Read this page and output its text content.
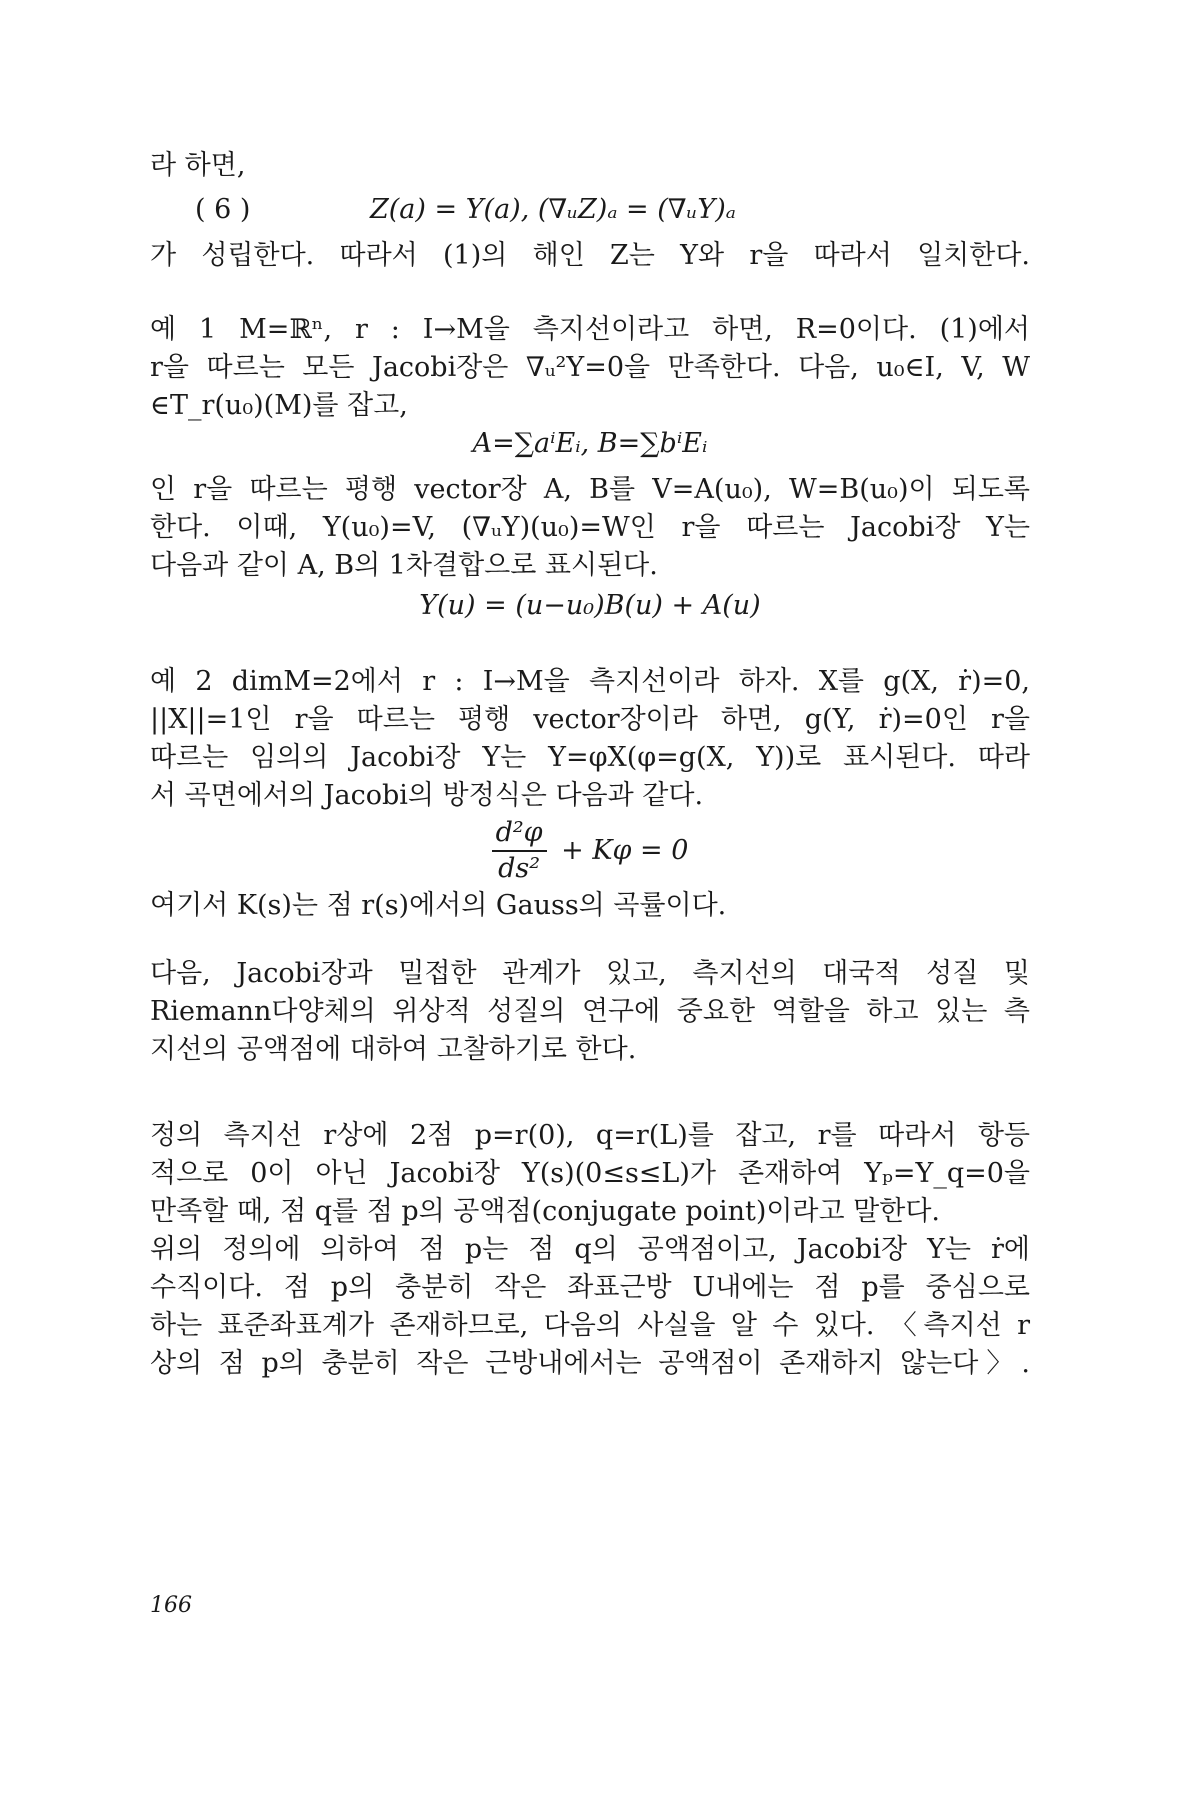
라 하면,
( 6 )	Z(a) = Y(a), (∇ᵤZ)ₐ = (∇ᵤY)ₐ
가 성립한다. 따라서 (1)의 해인 Z는 Y와 r을 따라서 일치한다.
예 1 M=ℝⁿ, r : I→M을 측지선이라고 하면, R=0이다. (1)에서
r을 따르는 모든 Jacobi장은 ∇ᵤ²Y=0을 만족한다. 다음, u₀∈I, V, W
∈T_r(u₀)(M)를 잡고,
A=∑aⁱEᵢ, B=∑bⁱEᵢ
인 r을 따르는 평행 vector장 A, B를 V=A(u₀), W=B(u₀)이 되도록
한다. 이때, Y(u₀)=V, (∇ᵤY)(u₀)=W인 r을 따르는 Jacobi장 Y는
다음과 같이 A, B의 1차결합으로 표시된다.
Y(u) = (u−u₀)B(u) + A(u)
예 2 dimM=2에서 r : I→M을 측지선이라 하자. X를 g(X, ṙ)=0,
||X||=1인 r을 따르는 평행 vector장이라 하면, g(Y, ṙ)=0인 r을
따르는 임의의 Jacobi장 Y는 Y=φX(φ=g(X, Y))로 표시된다. 따라
서 곡면에서의 Jacobi의 방정식은 다음과 같다.
$\frac{\text{d²φ}}{\text{ds²}} + K\varphi = 0$
여기서 K(s)는 점 r(s)에서의 Gauss의 곡률이다.
다음, Jacobi장과 밀접한 관계가 있고, 측지선의 대국적 성질 및
Riemann다양체의 위상적 성질의 연구에 중요한 역할을 하고 있는 측
지선의 공액점에 대하여 고찰하기로 한다.
정의 측지선 r상에 2점 p=r(0), q=r(L)를 잡고, r를 따라서 항등
적으로 0이 아닌 Jacobi장 Y(s)(0≤s≤L)가 존재하여 Yₚ=Y_q=0을
만족할 때, 점 q를 점 p의 공액점(conjugate point)이라고 말한다.
위의 정의에 의하여 점 p는 점 q의 공액점이고, Jacobi장 Y는 ṙ에
수직이다. 점 p의 충분히 작은 좌표근방 U내에는 점 p를 중심으로
하는 표준좌표계가 존재하므로, 다음의 사실을 알 수 있다. 〈측지선 r
상의 점 p의 충분히 작은 근방내에서는 공액점이 존재하지 않는다〉.
166
